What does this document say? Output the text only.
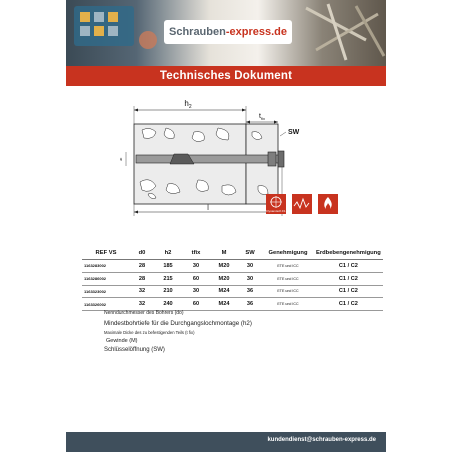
Schrauben -express.de
Technisches Dokument
$h_2$
$t_{fix}$
SW
d0
l	Dynamisch F1
REF VS	d0	h2	tfix	M	SW	Genehmigung	Erdbebengenehmigung
1163283002	28	185	30	M20	30	ETE und ICC	C1 / C2
1163286002	28	215	60	M20	30	ETE und ICC	C1 / C2
1163323002	32	210	30	M24	36	ETE und ICC	C1 / C2
1163326002	32	240	60	M24	36	ETE und ICC	C1 / C2
Nenndurchmesser des Bohrers (do)
Mindestbohrtiefe für die Durchgangslochmontage (h2)
Maximale Dicke des zu befestigenden Teils (t fix)
Gewinde (M)
Schlüsselöffnung (SW)
kundendienst@schrauben-express.de
